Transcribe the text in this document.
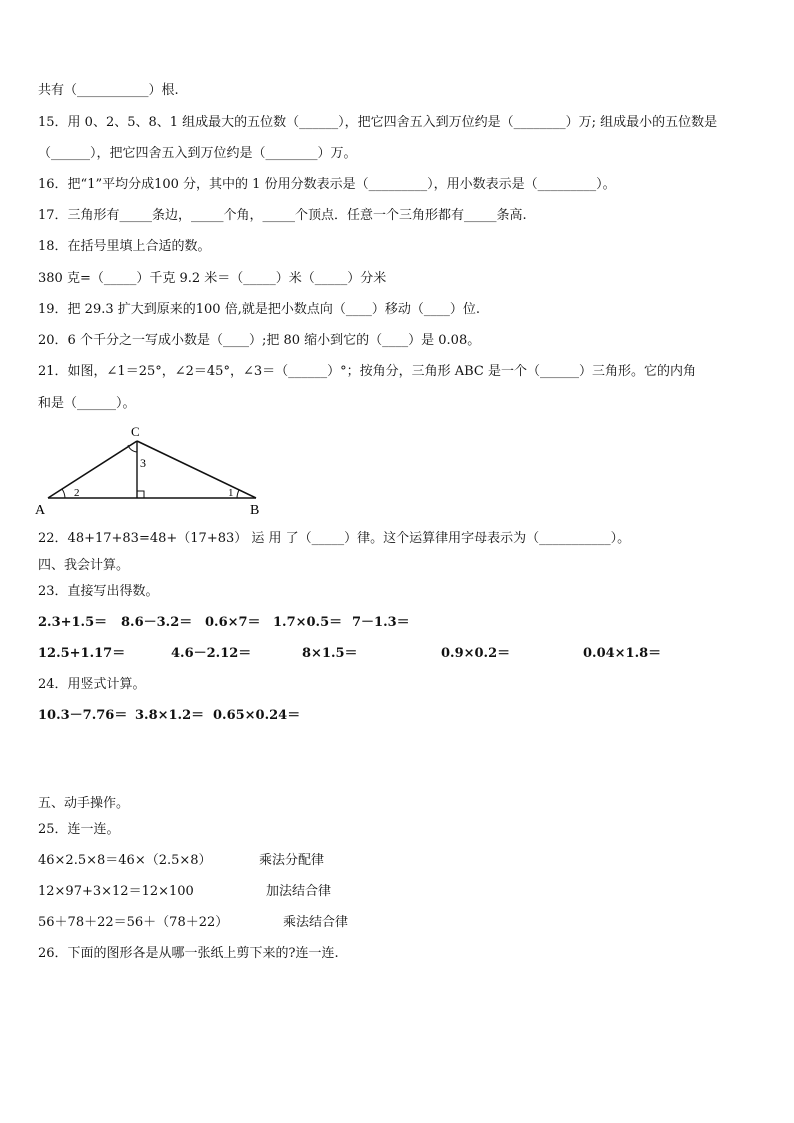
共有（___________）根.
15．用 0、2、5、8、1 组成最大的五位数（______），把它四舍五入到万位约是（________）万; 组成最小的五位数是
（______），把它四舍五入到万位约是（________）万。
16．把“1”平均分成100 分，其中的 1 份用分数表示是（_________），用小数表示是（_________）。
17．三角形有_____条边，_____个角，_____个顶点．任意一个三角形都有_____条高.
18．在括号里填上合适的数。
380 克=（_____）千克 9.2 米＝（_____）米（_____）分米
19．把 29.3 扩大到原来的100 倍,就是把小数点向（____）移动（____）位.
20．6 个千分之一写成小数是（____）;把 80 缩小到它的（____）是 0.08。
21．如图，∠1＝25°，∠2＝45°，∠3＝（______）°；按角分，三角形 ABC 是一个（______）三角形。它的内角
和是（______）。
C
A	B
2	1
3
22．48+17+83=48+（17+83） 运 用 了（_____）律。这个运算律用字母表示为（___________）。
四、我会计算。
23．直接写出得数。
2.3+1.5＝ 8.6－3.2＝ 0.6×7＝ 1.7×0.5＝ 7－1.3＝
12.5+1.17＝	4.6－2.12＝	8×1.5＝	0.9×0.2＝	0.04×1.8＝
24．用竖式计算。
10.3－7.76＝ 3.8×1.2＝ 0.65×0.24＝
五、动手操作。
25．连一连。
46×2.5×8＝46×（2.5×8）	乘法分配律
12×97+3×12＝12×100	加法结合律
56＋78＋22＝56＋（78＋22）	乘法结合律
26．下面的图形各是从哪一张纸上剪下来的?连一连.
